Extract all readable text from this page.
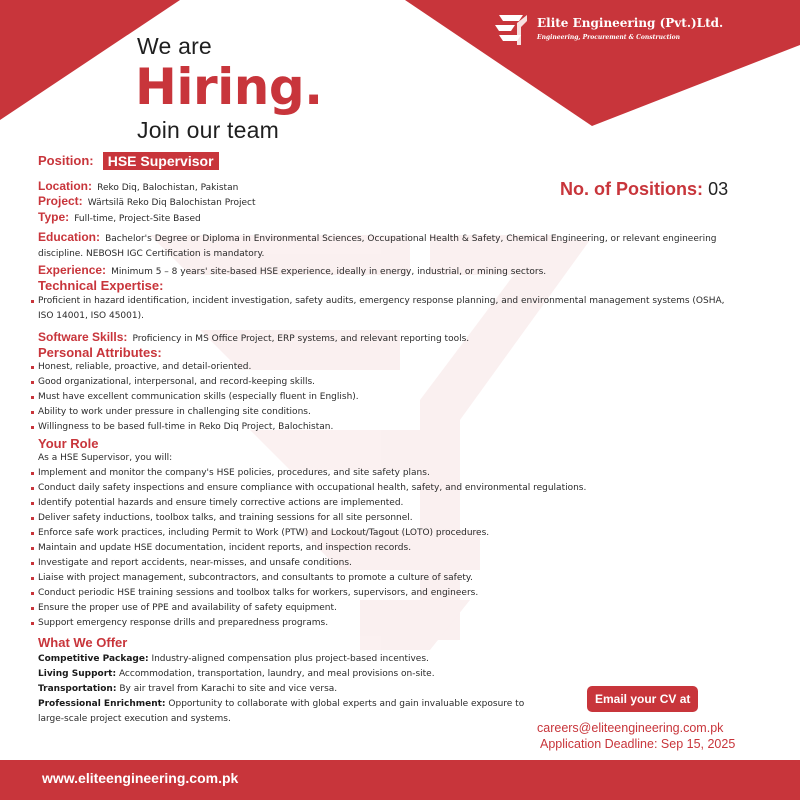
Elite Engineering (Pvt.)Ltd.
Engineering, Procurement & Construction
We are
Hiring.
Join our team
Position: HSE Supervisor
Location: Reko Diq, Balochistan, Pakistan
Project: Wärtsilä Reko Diq Balochistan Project
Type: Full-time, Project-Site Based
No. of Positions: 03
Education: Bachelor's Degree or Diploma in Environmental Sciences, Occupational Health & Safety, Chemical Engineering, or relevant engineering
discipline. NEBOSH IGC Certification is mandatory.
Experience: Minimum 5 – 8 years' site-based HSE experience, ideally in energy, industrial, or mining sectors.
Technical Expertise:
Proficient in hazard identification, incident investigation, safety audits, emergency response planning, and environmental management systems (OSHA,
ISO 14001, ISO 45001).
Software Skills: Proficiency in MS Office Project, ERP systems, and relevant reporting tools.
Personal Attributes:
Honest, reliable, proactive, and detail-oriented.
Good organizational, interpersonal, and record-keeping skills.
Must have excellent communication skills (especially fluent in English).
Ability to work under pressure in challenging site conditions.
Willingness to be based full-time in Reko Diq Project, Balochistan.
Your Role
As a HSE Supervisor, you will:
Implement and monitor the company's HSE policies, procedures, and site safety plans.
Conduct daily safety inspections and ensure compliance with occupational health, safety, and environmental regulations.
Identify potential hazards and ensure timely corrective actions are implemented.
Deliver safety inductions, toolbox talks, and training sessions for all site personnel.
Enforce safe work practices, including Permit to Work (PTW) and Lockout/Tagout (LOTO) procedures.
Maintain and update HSE documentation, incident reports, and inspection records.
Investigate and report accidents, near-misses, and unsafe conditions.
Liaise with project management, subcontractors, and consultants to promote a culture of safety.
Conduct periodic HSE training sessions and toolbox talks for workers, supervisors, and engineers.
Ensure the proper use of PPE and availability of safety equipment.
Support emergency response drills and preparedness programs.
What We Offer

Competitive Package: Industry-aligned compensation plus project-based incentives.

Living Support: Accommodation, transportation, laundry, and meal provisions on-site.

Transportation: By air travel from Karachi to site and vice versa.

Professional Enrichment: Opportunity to collaborate with global experts and gain invaluable exposure to

large-scale project execution and systems.

Email your CV at
careers@eliteengineering.com.pk
Application Deadline: Sep 15, 2025
www.eliteengineering.com.pk
